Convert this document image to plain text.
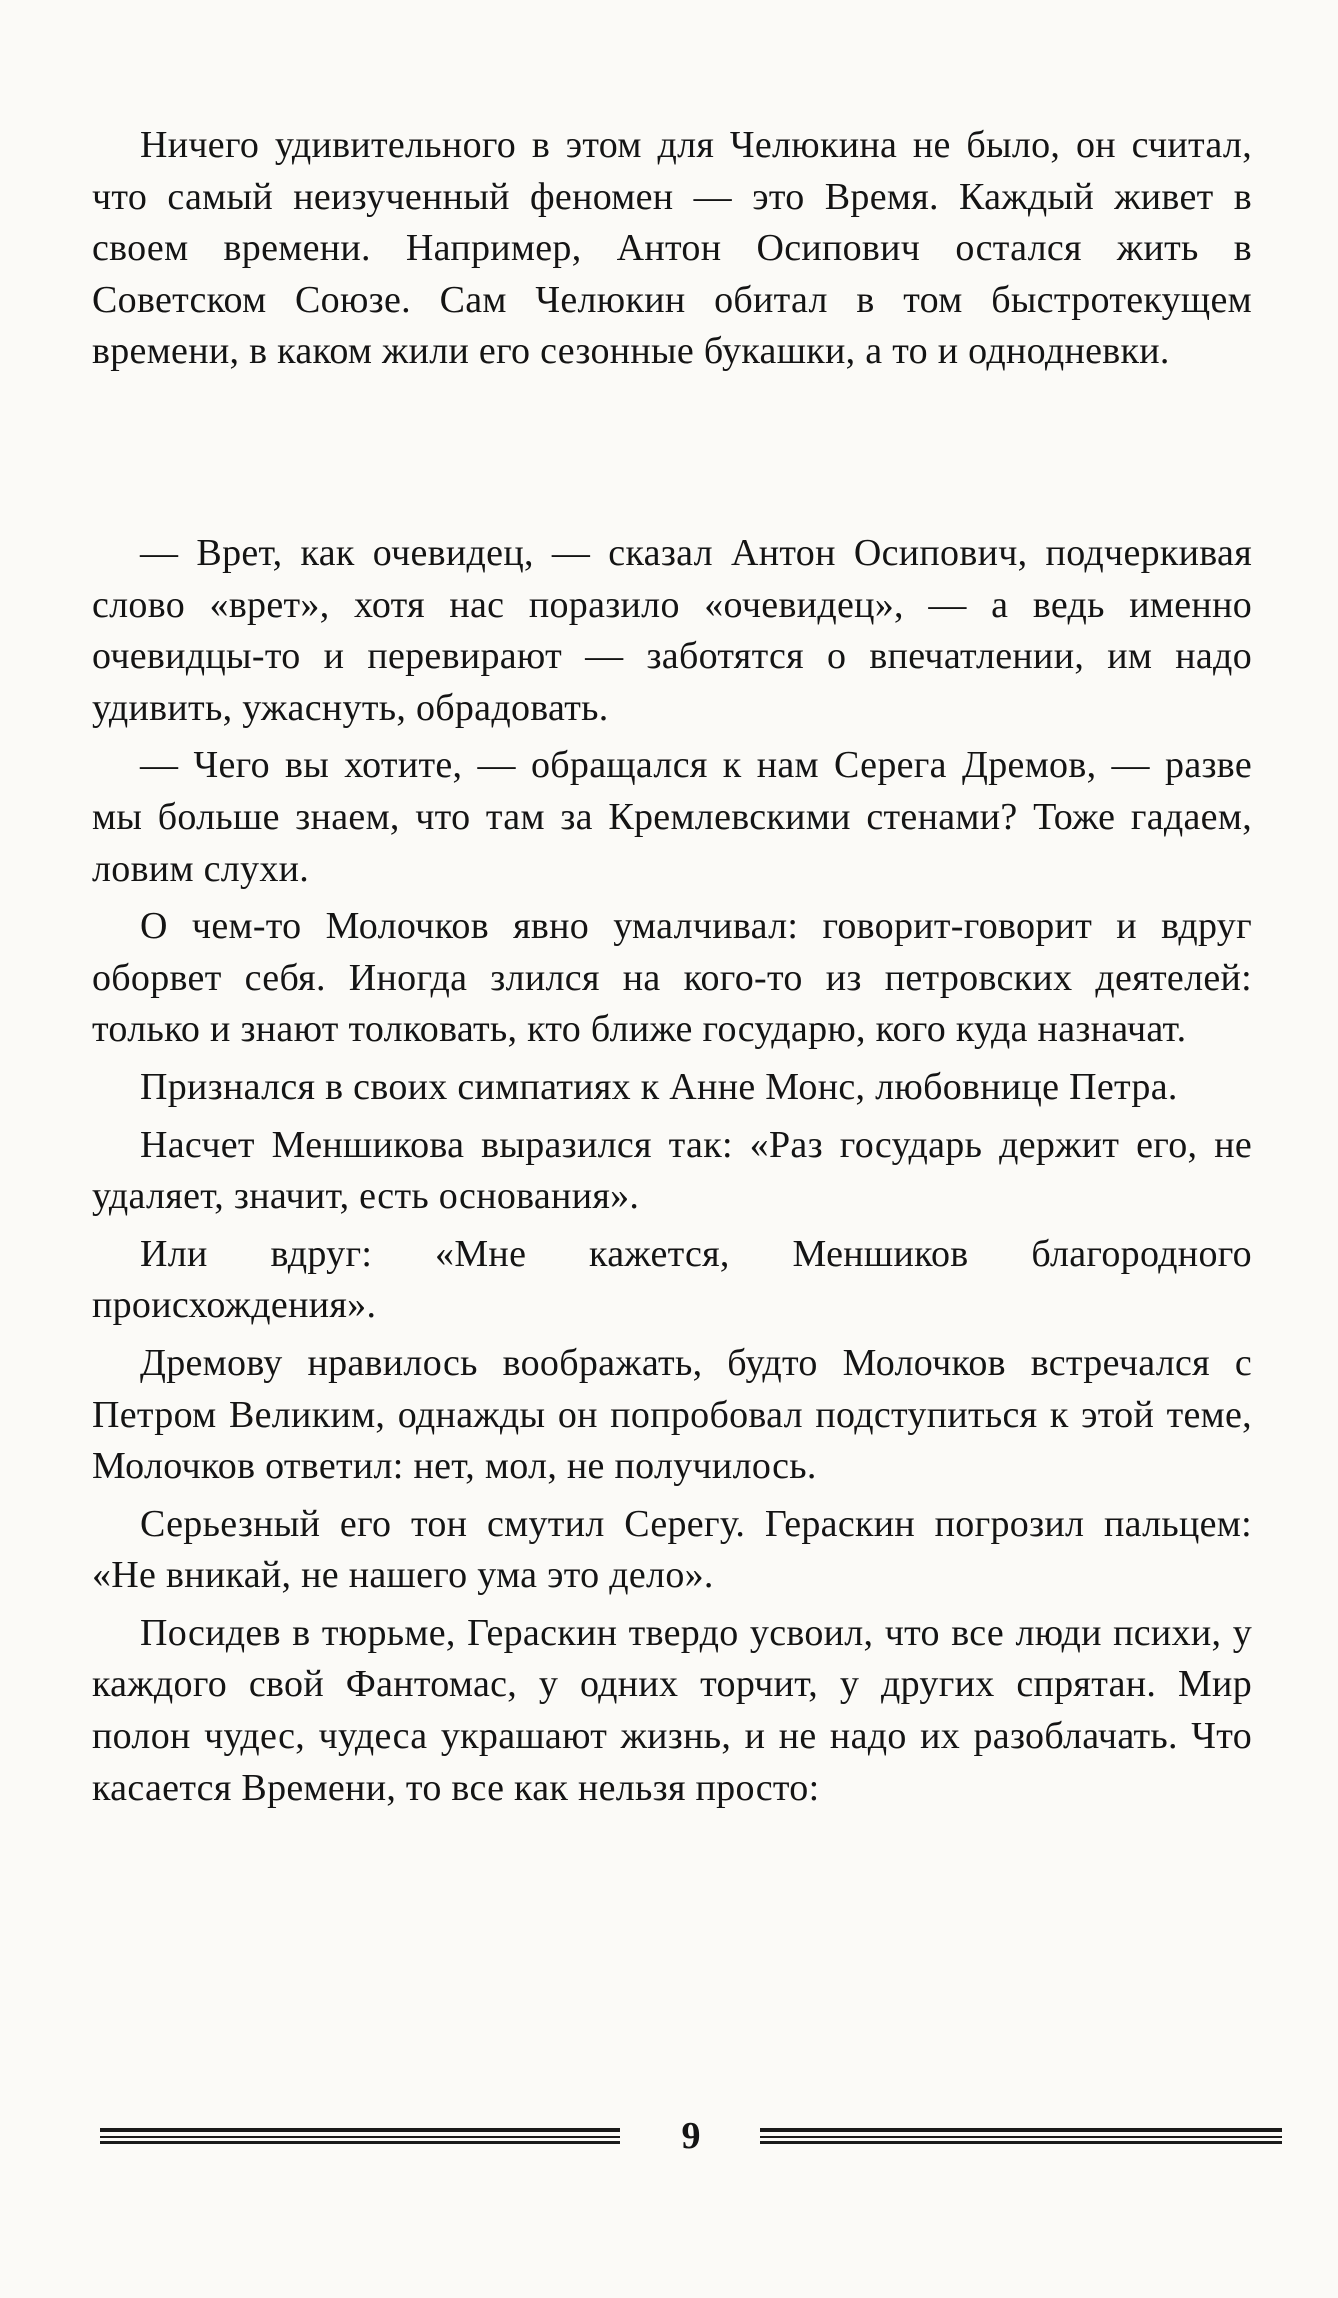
Ничего удивительного в этом для Челюкина не было, он считал, что самый неизученный феномен — это Время. Каждый живет в своем времени. Например, Антон Осипович остался жить в Советском Союзе. Сам Челюкин обитал в том быстротекущем времени, в каком жили его сезонные букашки, а то и однодневки.

— Врет, как очевидец, — сказал Антон Осипович, подчеркивая слово «врет», хотя нас поразило «очевидец», — а ведь именно очевидцы-то и перевирают — заботятся о впечатлении, им надо удивить, ужаснуть, обрадовать.

— Чего вы хотите, — обращался к нам Серега Дремов, — разве мы больше знаем, что там за Кремлевскими стенами? Тоже гадаем, ловим слухи.

О чем-то Молочков явно умалчивал: говорит-говорит и вдруг оборвет себя. Иногда злился на кого-то из петровских деятелей: только и знают толковать, кто ближе государю, кого куда назначат.

Признался в своих симпатиях к Анне Монс, любовнице Петра.

Насчет Меншикова выразился так: «Раз государь держит его, не удаляет, значит, есть основания».

Или вдруг: «Мне кажется, Меншиков благородного происхождения».

Дремову нравилось воображать, будто Молочков встречался с Петром Великим, однажды он попробовал подступиться к этой теме, Молочков ответил: нет, мол, не получилось.

Серьезный его тон смутил Серегу. Гераскин погрозил пальцем: «Не вникай, не нашего ума это дело».

Посидев в тюрьме, Гераскин твердо усвоил, что все люди психи, у каждого свой Фантомас, у одних торчит, у других спрятан. Мир полон чудес, чудеса украшают жизнь, и не надо их разоблачать. Что касается Времени, то все как нельзя просто:

9
